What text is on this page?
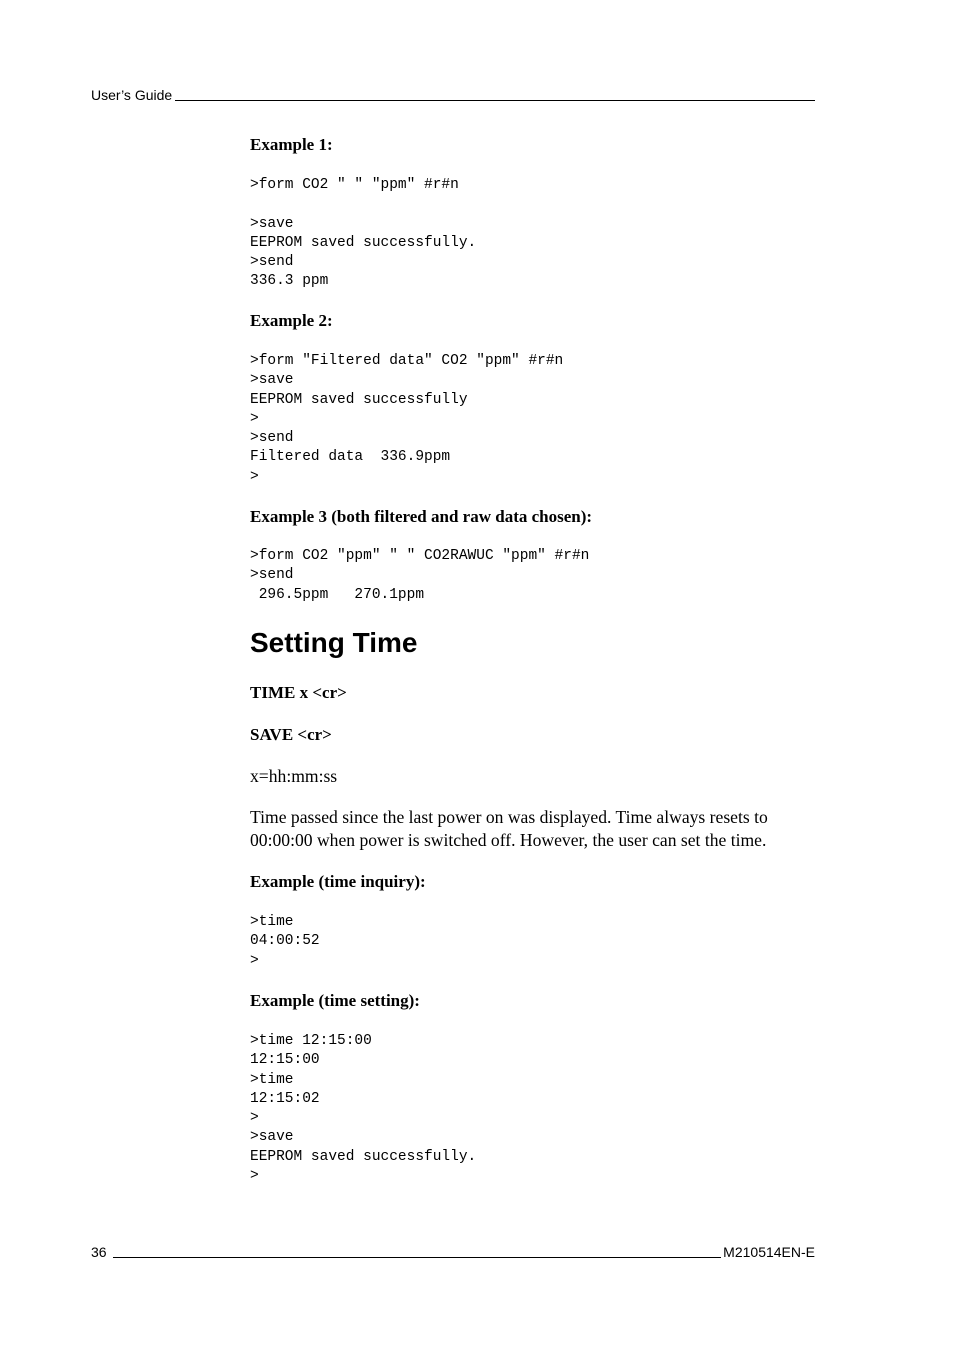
User’s Guide
Example 1:
>form CO2 " " "ppm" #r#n

>save
EEPROM saved successfully.
>send
336.3 ppm
Example 2:
>form "Filtered data" CO2 "ppm" #r#n
>save
EEPROM saved successfully
>
>send
Filtered data  336.9ppm
>
Example 3 (both filtered and raw data chosen):
>form CO2 "ppm" " " CO2RAWUC "ppm" #r#n
>send
296.5ppm   270.1ppm
Setting Time
TIME x <cr>
SAVE <cr>
x=hh:mm:ss
Time passed since the last power on was displayed. Time always resets to 00:00:00 when power is switched off. However, the user can set the time.
Example (time inquiry):
>time
04:00:52
>
Example (time setting):
>time 12:15:00
12:15:00
>time
12:15:02
>
>save
EEPROM saved successfully.
>
36	M210514EN-E
